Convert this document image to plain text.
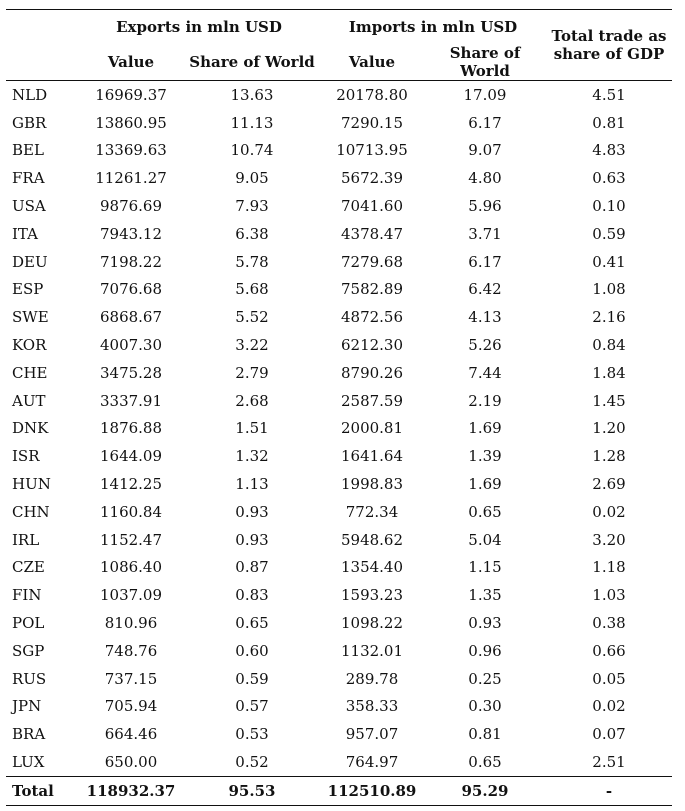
	Exports in mln USD		Imports in mln USD		Total trade as
share of GDP
	Value	Share of World	Value	Share of World	
NLD	16969.37	13.63	20178.80	17.09	4.51
GBR	13860.95	11.13	7290.15	6.17	0.81
BEL	13369.63	10.74	10713.95	9.07	4.83
FRA	11261.27	9.05	5672.39	4.80	0.63
USA	9876.69	7.93	7041.60	5.96	0.10
ITA	7943.12	6.38	4378.47	3.71	0.59
DEU	7198.22	5.78	7279.68	6.17	0.41
ESP	7076.68	5.68	7582.89	6.42	1.08
SWE	6868.67	5.52	4872.56	4.13	2.16
KOR	4007.30	3.22	6212.30	5.26	0.84
CHE	3475.28	2.79	8790.26	7.44	1.84
AUT	3337.91	2.68	2587.59	2.19	1.45
DNK	1876.88	1.51	2000.81	1.69	1.20
ISR	1644.09	1.32	1641.64	1.39	1.28
HUN	1412.25	1.13	1998.83	1.69	2.69
CHN	1160.84	0.93	772.34	0.65	0.02
IRL	1152.47	0.93	5948.62	5.04	3.20
CZE	1086.40	0.87	1354.40	1.15	1.18
FIN	1037.09	0.83	1593.23	1.35	1.03
POL	810.96	0.65	1098.22	0.93	0.38
SGP	748.76	0.60	1132.01	0.96	0.66
RUS	737.15	0.59	289.78	0.25	0.05
JPN	705.94	0.57	358.33	0.30	0.02
BRA	664.46	0.53	957.07	0.81	0.07
LUX	650.00	0.52	764.97	0.65	2.51
Total	118932.37	95.53	112510.89	95.29	-
